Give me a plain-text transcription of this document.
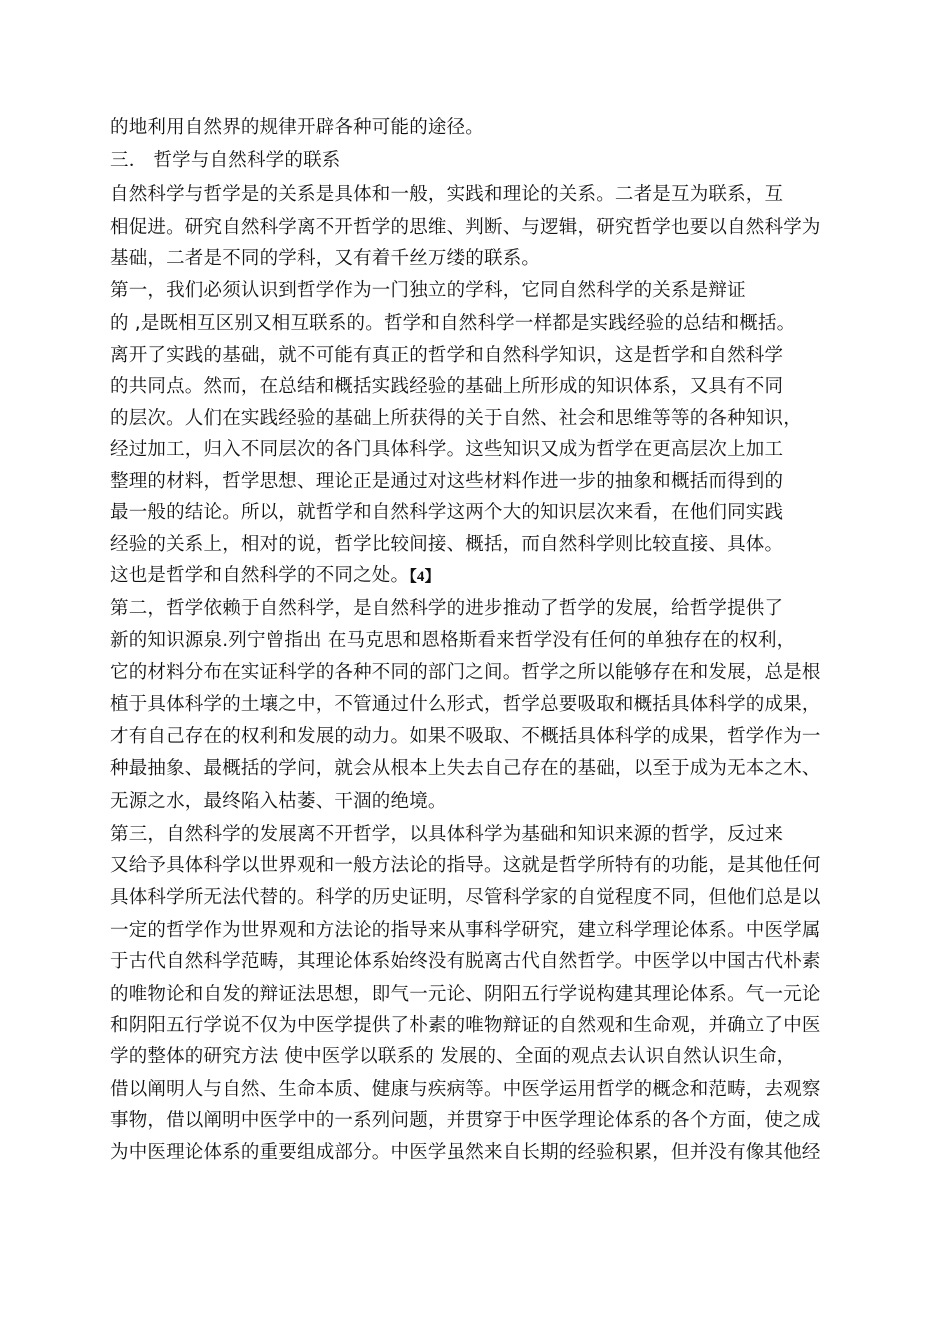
的地利用自然界的规律开辟各种可能的途径。
三． 哲学与自然科学的联系
自然科学与哲学是的关系是具体和一般，实践和理论的关系。二者是互为联系，互
相促进。研究自然科学离不开哲学的思维、判断、与逻辑，研究哲学也要以自然科学为
基础，二者是不同的学科，又有着千丝万缕的联系。
第一，我们必须认识到哲学作为一门独立的学科，它同自然科学的关系是辩证
的 ,是既相互区别又相互联系的。哲学和自然科学一样都是实践经验的总结和概括。
离开了实践的基础，就不可能有真正的哲学和自然科学知识，这是哲学和自然科学
的共同点。然而，在总结和概括实践经验的基础上所形成的知识体系，又具有不同
的层次。人们在实践经验的基础上所获得的关于自然、社会和思维等等的各种知识，
经过加工，归入不同层次的各门具体科学。这些知识又成为哲学在更高层次上加工
整理的材料，哲学思想、理论正是通过对这些材料作进一步的抽象和概括而得到的
最一般的结论。所以，就哲学和自然科学这两个大的知识层次来看，在他们同实践
经验的关系上，相对的说，哲学比较间接、概括，而自然科学则比较直接、具体。
这也是哲学和自然科学的不同之处。【4】
第二，哲学依赖于自然科学，是自然科学的进步推动了哲学的发展，给哲学提供了
新的知识源泉.列宁曾指出 在马克思和恩格斯看来哲学没有任何的单独存在的权利，
它的材料分布在实证科学的各种不同的部门之间。哲学之所以能够存在和发展，总是根
植于具体科学的土壤之中，不管通过什么形式，哲学总要吸取和概括具体科学的成果，
才有自己存在的权利和发展的动力。如果不吸取、不概括具体科学的成果，哲学作为一
种最抽象、最概括的学问，就会从根本上失去自己存在的基础，以至于成为无本之木、
无源之水，最终陷入枯萎、干涸的绝境。
第三，自然科学的发展离不开哲学，以具体科学为基础和知识来源的哲学，反过来
又给予具体科学以世界观和一般方法论的指导。这就是哲学所特有的功能，是其他任何
具体科学所无法代替的。科学的历史证明，尽管科学家的自觉程度不同，但他们总是以
一定的哲学作为世界观和方法论的指导来从事科学研究，建立科学理论体系。中医学属
于古代自然科学范畴，其理论体系始终没有脱离古代自然哲学。中医学以中国古代朴素
的唯物论和自发的辩证法思想，即气一元论、阴阳五行学说构建其理论体系。气一元论
和阴阳五行学说不仅为中医学提供了朴素的唯物辩证的自然观和生命观，并确立了中医
学的整体的研究方法 使中医学以联系的 发展的、全面的观点去认识自然认识生命，
借以阐明人与自然、生命本质、健康与疾病等。中医学运用哲学的概念和范畴，去观察
事物，借以阐明中医学中的一系列问题，并贯穿于中医学理论体系的各个方面，使之成
为中医理论体系的重要组成部分。中医学虽然来自长期的经验积累，但并没有像其他经
